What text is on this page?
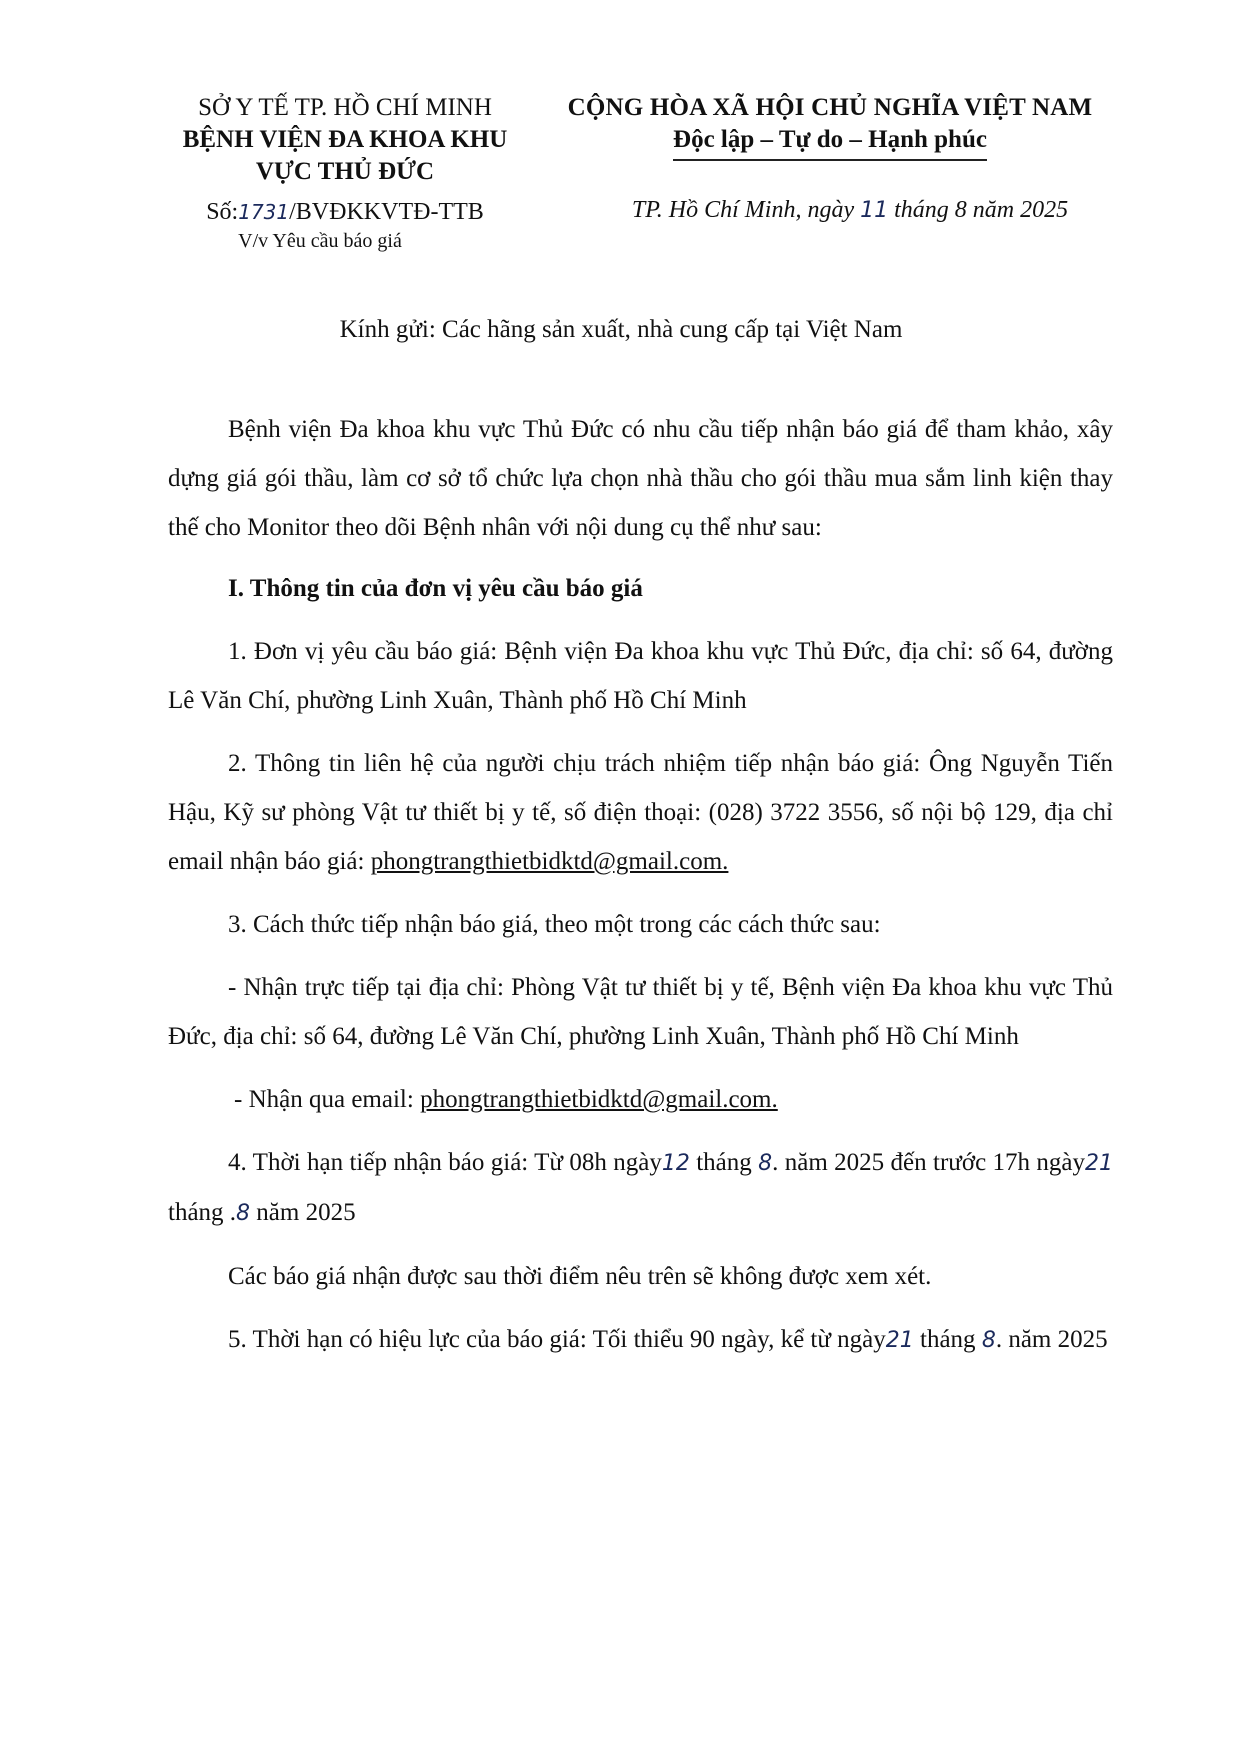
SỞ Y TẾ TP. HỒ CHÍ MINH
BỆNH VIỆN ĐA KHOA KHU
VỰC THỦ ĐỨC
Số:1731/BVĐKKVTĐ-TTB
V/v Yêu cầu báo giá
CỘNG HÒA XÃ HỘI CHỦ NGHĨA VIỆT NAM
Độc lập – Tự do – Hạnh phúc
TP. Hồ Chí Minh, ngày 11 tháng 8 năm 2025
Kính gửi: Các hãng sản xuất, nhà cung cấp tại Việt Nam

Bệnh viện Đa khoa khu vực Thủ Đức có nhu cầu tiếp nhận báo giá để tham khảo, xây dựng giá gói thầu, làm cơ sở tổ chức lựa chọn nhà thầu cho gói thầu mua sắm linh kiện thay thế cho Monitor theo dõi Bệnh nhân với nội dung cụ thể như sau:

I. Thông tin của đơn vị yêu cầu báo giá

1. Đơn vị yêu cầu báo giá: Bệnh viện Đa khoa khu vực Thủ Đức, địa chỉ: số 64, đường Lê Văn Chí, phường Linh Xuân, Thành phố Hồ Chí Minh

2. Thông tin liên hệ của người chịu trách nhiệm tiếp nhận báo giá: Ông Nguyễn Tiến Hậu, Kỹ sư phòng Vật tư thiết bị y tế, số điện thoại: (028) 3722 3556, số nội bộ 129, địa chỉ email nhận báo giá: phongtrangthietbidktd@gmail.com.

3. Cách thức tiếp nhận báo giá, theo một trong các cách thức sau:

- Nhận trực tiếp tại địa chỉ: Phòng Vật tư thiết bị y tế, Bệnh viện Đa khoa khu vực Thủ Đức, địa chỉ: số 64, đường Lê Văn Chí, phường Linh Xuân, Thành phố Hồ Chí Minh

- Nhận qua email: phongtrangthietbidktd@gmail.com.

4. Thời hạn tiếp nhận báo giá: Từ 08h ngày12 tháng 8. năm 2025 đến trước 17h ngày21 tháng .8 năm 2025

Các báo giá nhận được sau thời điểm nêu trên sẽ không được xem xét.

5. Thời hạn có hiệu lực của báo giá: Tối thiểu 90 ngày, kể từ ngày21 tháng 8. năm 2025
